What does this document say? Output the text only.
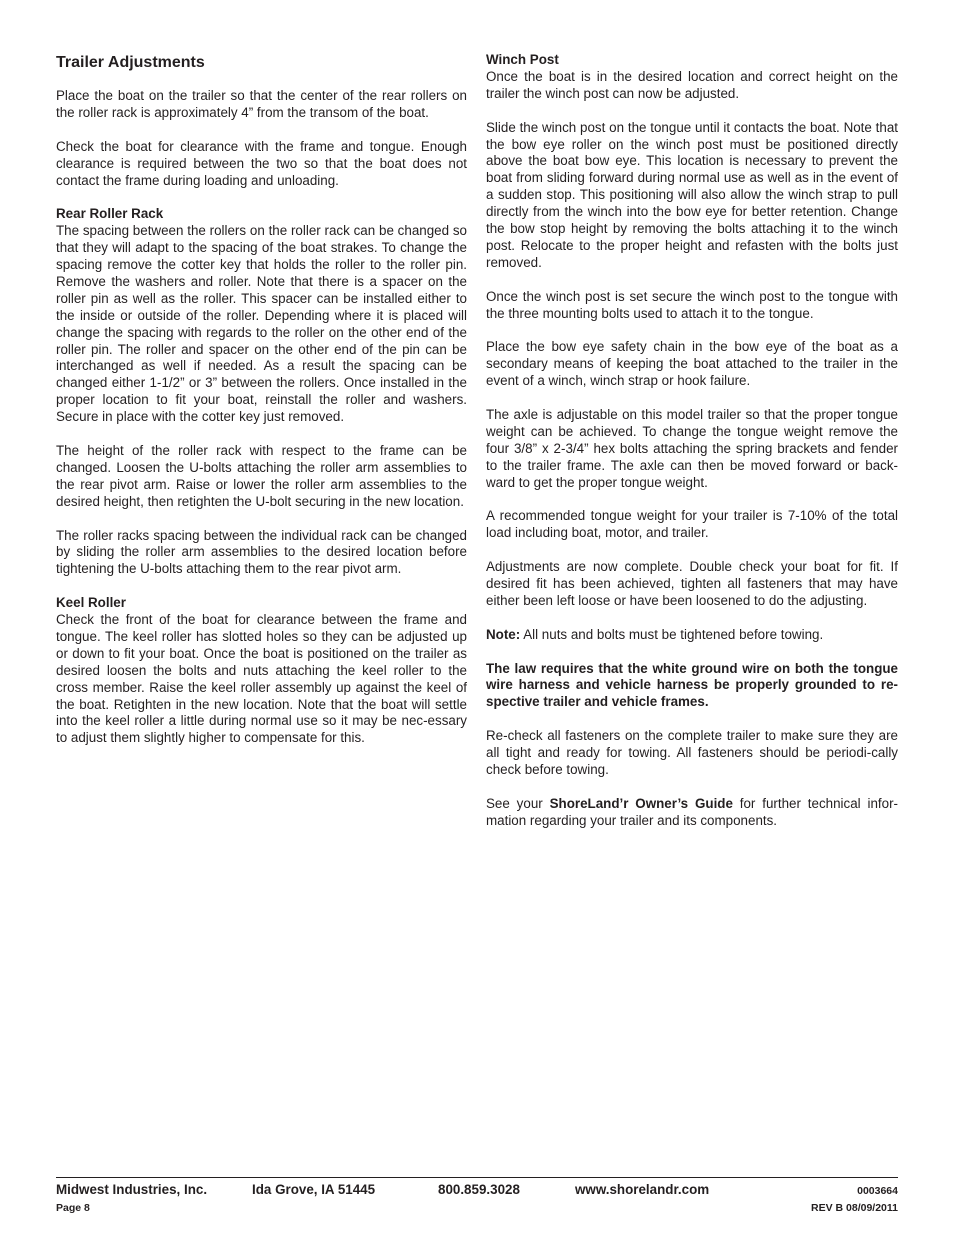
Trailer Adjustments

Place the boat on the trailer so that the center of the rear rollers on the roller rack is approximately 4” from the transom of the boat.

Check the boat for clearance with the frame and tongue. Enough clearance is required between the two so that the boat does not contact the frame during loading and unloading.

Rear Roller Rack

The spacing between the rollers on the roller rack can be changed so that they will adapt to the spacing of the boat strakes. To change the spacing remove the cotter key that holds the roller to the roller pin. Remove the washers and roller. Note that there is a spacer on the roller pin as well as the roller. This spacer can be installed either to the inside or outside of the roller. Depending where it is placed will change the spacing with regards to the roller on the other end of the roller pin. The roller and spacer on the other end of the pin can be interchanged as well if needed. As a result the spacing can be changed either 1-1/2” or 3” between the rollers. Once installed in the proper location to fit your boat, reinstall the roller and washers. Secure in place with the cotter key just removed.

The height of the roller rack with respect to the frame can be changed. Loosen the U-bolts attaching the roller arm assemblies to the rear pivot arm. Raise or lower the roller arm assemblies to the desired height, then retighten the U-bolt securing in the new location.

The roller racks spacing between the individual rack can be changed by sliding the roller arm assemblies to the desired location before tightening the U-bolts attaching them to the rear pivot arm.

Keel Roller

Check the front of the boat for clearance between the frame and tongue. The keel roller has slotted holes so they can be adjusted up or down to fit your boat. Once the boat is positioned on the trailer as desired loosen the bolts and nuts attaching the keel roller to the cross member. Raise the keel roller assembly up against the keel of the boat. Retighten in the new location. Note that the boat will settle into the keel roller a little during normal use so it may be nec-essary to adjust them slightly higher to compensate for this.

Winch Post

Once the boat is in the desired location and correct height on the trailer the winch post can now be adjusted.

Slide the winch post on the tongue until it contacts the boat. Note that the bow eye roller on the winch post must be positioned directly above the boat bow eye. This location is necessary to prevent the boat from sliding forward during normal use as well as in the event of a sudden stop. This positioning will also allow the winch strap to pull directly from the winch into the bow eye for better retention. Change the bow stop height by removing the bolts attaching it to the winch post. Relocate to the proper height and refasten with the bolts just removed.

Once the winch post is set secure the winch post to the tongue with the three mounting bolts used to attach it to the tongue.

Place the bow eye safety chain in the bow eye of the boat as a secondary means of keeping the boat attached to the trailer in the event of a winch, winch strap or hook failure.

The axle is adjustable on this model trailer so that the proper tongue weight can be achieved. To change the tongue weight remove the four 3/8” x 2-3/4” hex bolts attaching the spring brackets and fender to the trailer frame. The axle can then be moved forward or back-ward to get the proper tongue weight.

A recommended tongue weight for your trailer is 7-10% of the total load including boat, motor, and trailer.

Adjustments are now complete. Double check your boat for fit. If desired fit has been achieved, tighten all fasteners that may have either been left loose or have been loosened to do the adjusting.

Note: All nuts and bolts must be tightened before towing.

The law requires that the white ground wire on both the tongue wire harness and vehicle harness be properly grounded to re-spective trailer and vehicle frames.

Re-check all fasteners on the complete trailer to make sure they are all tight and ready for towing. All fasteners should be periodi-cally check before towing.

See your ShoreLand’r Owner’s Guide for further technical infor-mation regarding your trailer and its components.

Midwest Industries, Inc.	Ida Grove, IA 51445	800.859.3028	www.shorelandr.com	0003664
Page 8	REV B 08/09/2011
